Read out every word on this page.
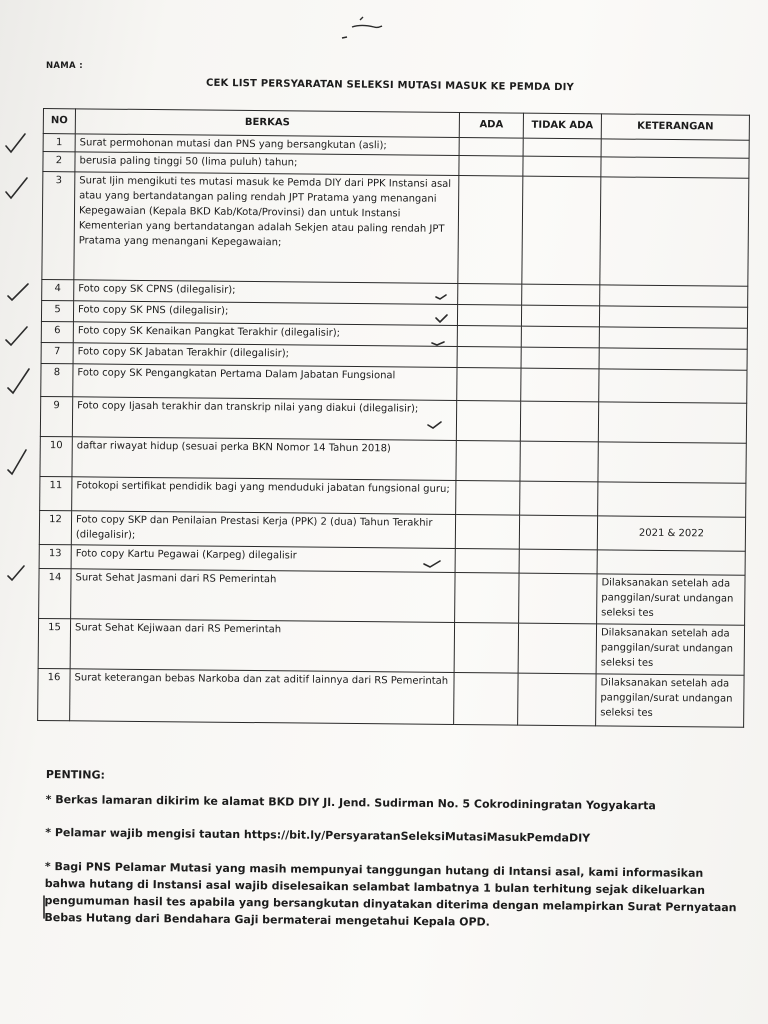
NAMA :
CEK LIST PERSYARATAN SELEKSI MUTASI MASUK KE PEMDA DIY
NO	BERKAS	ADA	TIDAK ADA	KETERANGAN
1	Surat permohonan mutasi dan PNS yang bersangkutan (asli);			
2	berusia paling tinggi 50 (lima puluh) tahun;			
3	Surat Ijin mengikuti tes mutasi masuk ke Pemda DIY dari PPK Instansi asal atau yang bertandatangan paling rendah JPT Pratama yang menangani Kepegawaian (Kepala BKD Kab/Kota/Provinsi) dan untuk Instansi Kementerian yang bertandatangan adalah Sekjen atau paling rendah JPT Pratama yang menangani Kepegawaian;			
4	Foto copy SK CPNS (dilegalisir);			
5	Foto copy SK PNS (dilegalisir);			
6	Foto copy SK Kenaikan Pangkat Terakhir (dilegalisir);			
7	Foto copy SK Jabatan Terakhir (dilegalisir);			
8	Foto copy SK Pengangkatan Pertama Dalam Jabatan Fungsional			
9	Foto copy Ijasah terakhir dan transkrip nilai yang diakui (dilegalisir);			
10	daftar riwayat hidup (sesuai perka BKN Nomor 14 Tahun 2018)			
11	Fotokopi sertifikat pendidik bagi yang menduduki jabatan fungsional guru;			
12	Foto copy SKP dan Penilaian Prestasi Kerja (PPK) 2 (dua) Tahun Terakhir (dilegalisir);			2021 & 2022
13	Foto copy Kartu Pegawai (Karpeg) dilegalisir			
14	Surat Sehat Jasmani dari RS Pemerintah			Dilaksanakan setelah ada panggilan/surat undangan seleksi tes
15	Surat Sehat Kejiwaan dari RS Pemerintah			Dilaksanakan setelah ada panggilan/surat undangan seleksi tes
16	Surat keterangan bebas Narkoba dan zat aditif lainnya dari RS Pemerintah			Dilaksanakan setelah ada panggilan/surat undangan seleksi tes

PENTING:

* Berkas lamaran dikirim ke alamat BKD DIY Jl. Jend. Sudirman No. 5 Cokrodiningratan Yogyakarta

* Pelamar wajib mengisi tautan https://bit.ly/PersyaratanSeleksiMutasiMasukPemdaDIY

* Bagi PNS Pelamar Mutasi yang masih mempunyai tanggungan hutang di Intansi asal, kami informasikan bahwa hutang di Instansi asal wajib diselesaikan selambat lambatnya 1 bulan terhitung sejak dikeluarkan pengumuman hasil tes apabila yang bersangkutan dinyatakan diterima dengan melampirkan Surat Pernyataan Bebas Hutang dari Bendahara Gaji bermaterai mengetahui Kepala OPD.
